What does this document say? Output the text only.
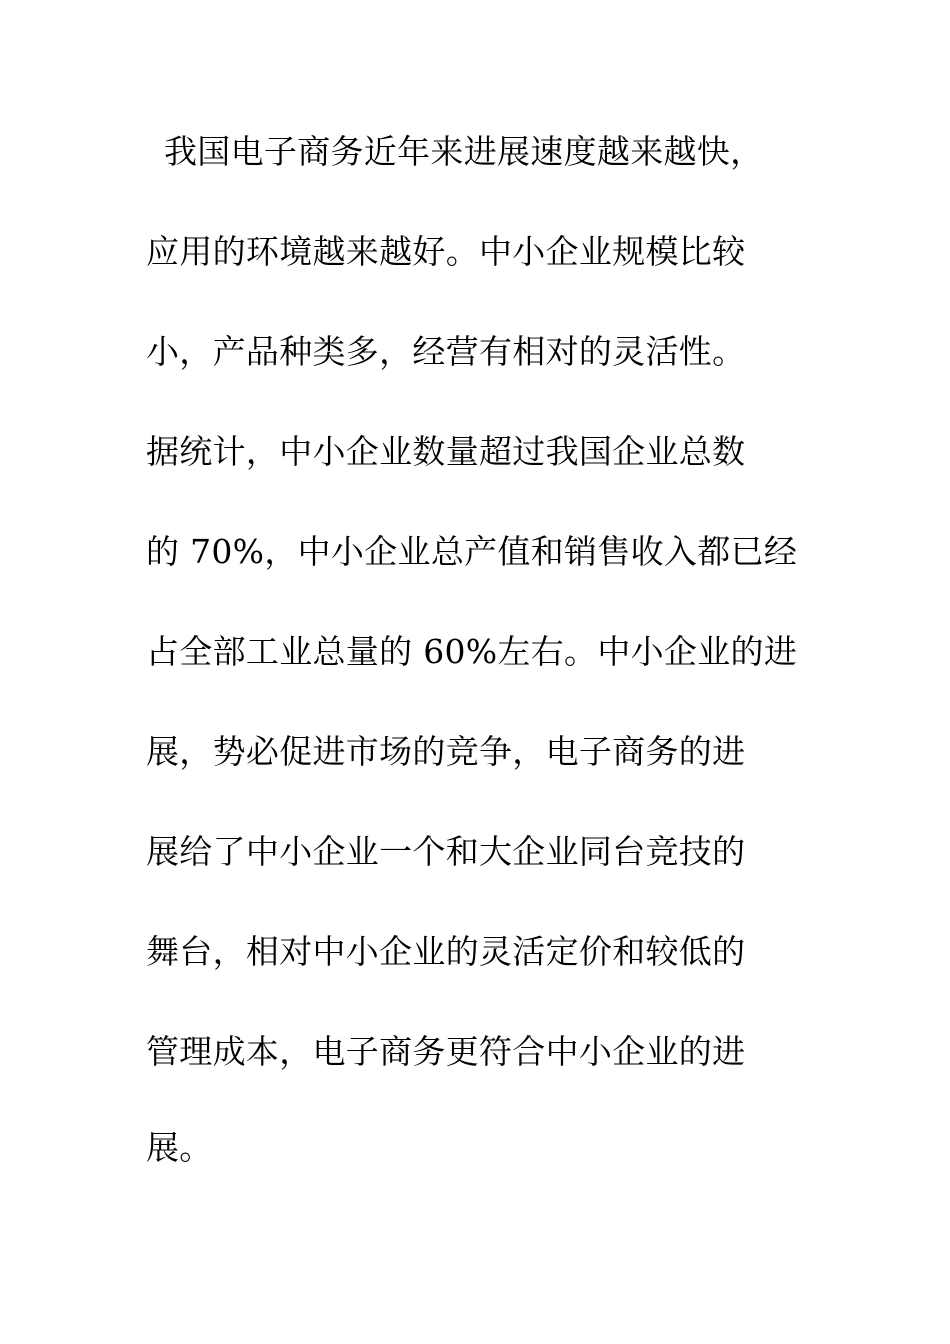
我国电子商务近年来进展速度越来越快，
应用的环境越来越好。中小企业规模比较
小，产品种类多，经营有相对的灵活性。
据统计，中小企业数量超过我国企业总数
的 70%，中小企业总产值和销售收入都已经
占全部工业总量的 60%左右。中小企业的进
展，势必促进市场的竞争，电子商务的进
展给了中小企业一个和大企业同台竞技的
舞台，相对中小企业的灵活定价和较低的
管理成本，电子商务更符合中小企业的进
展。
